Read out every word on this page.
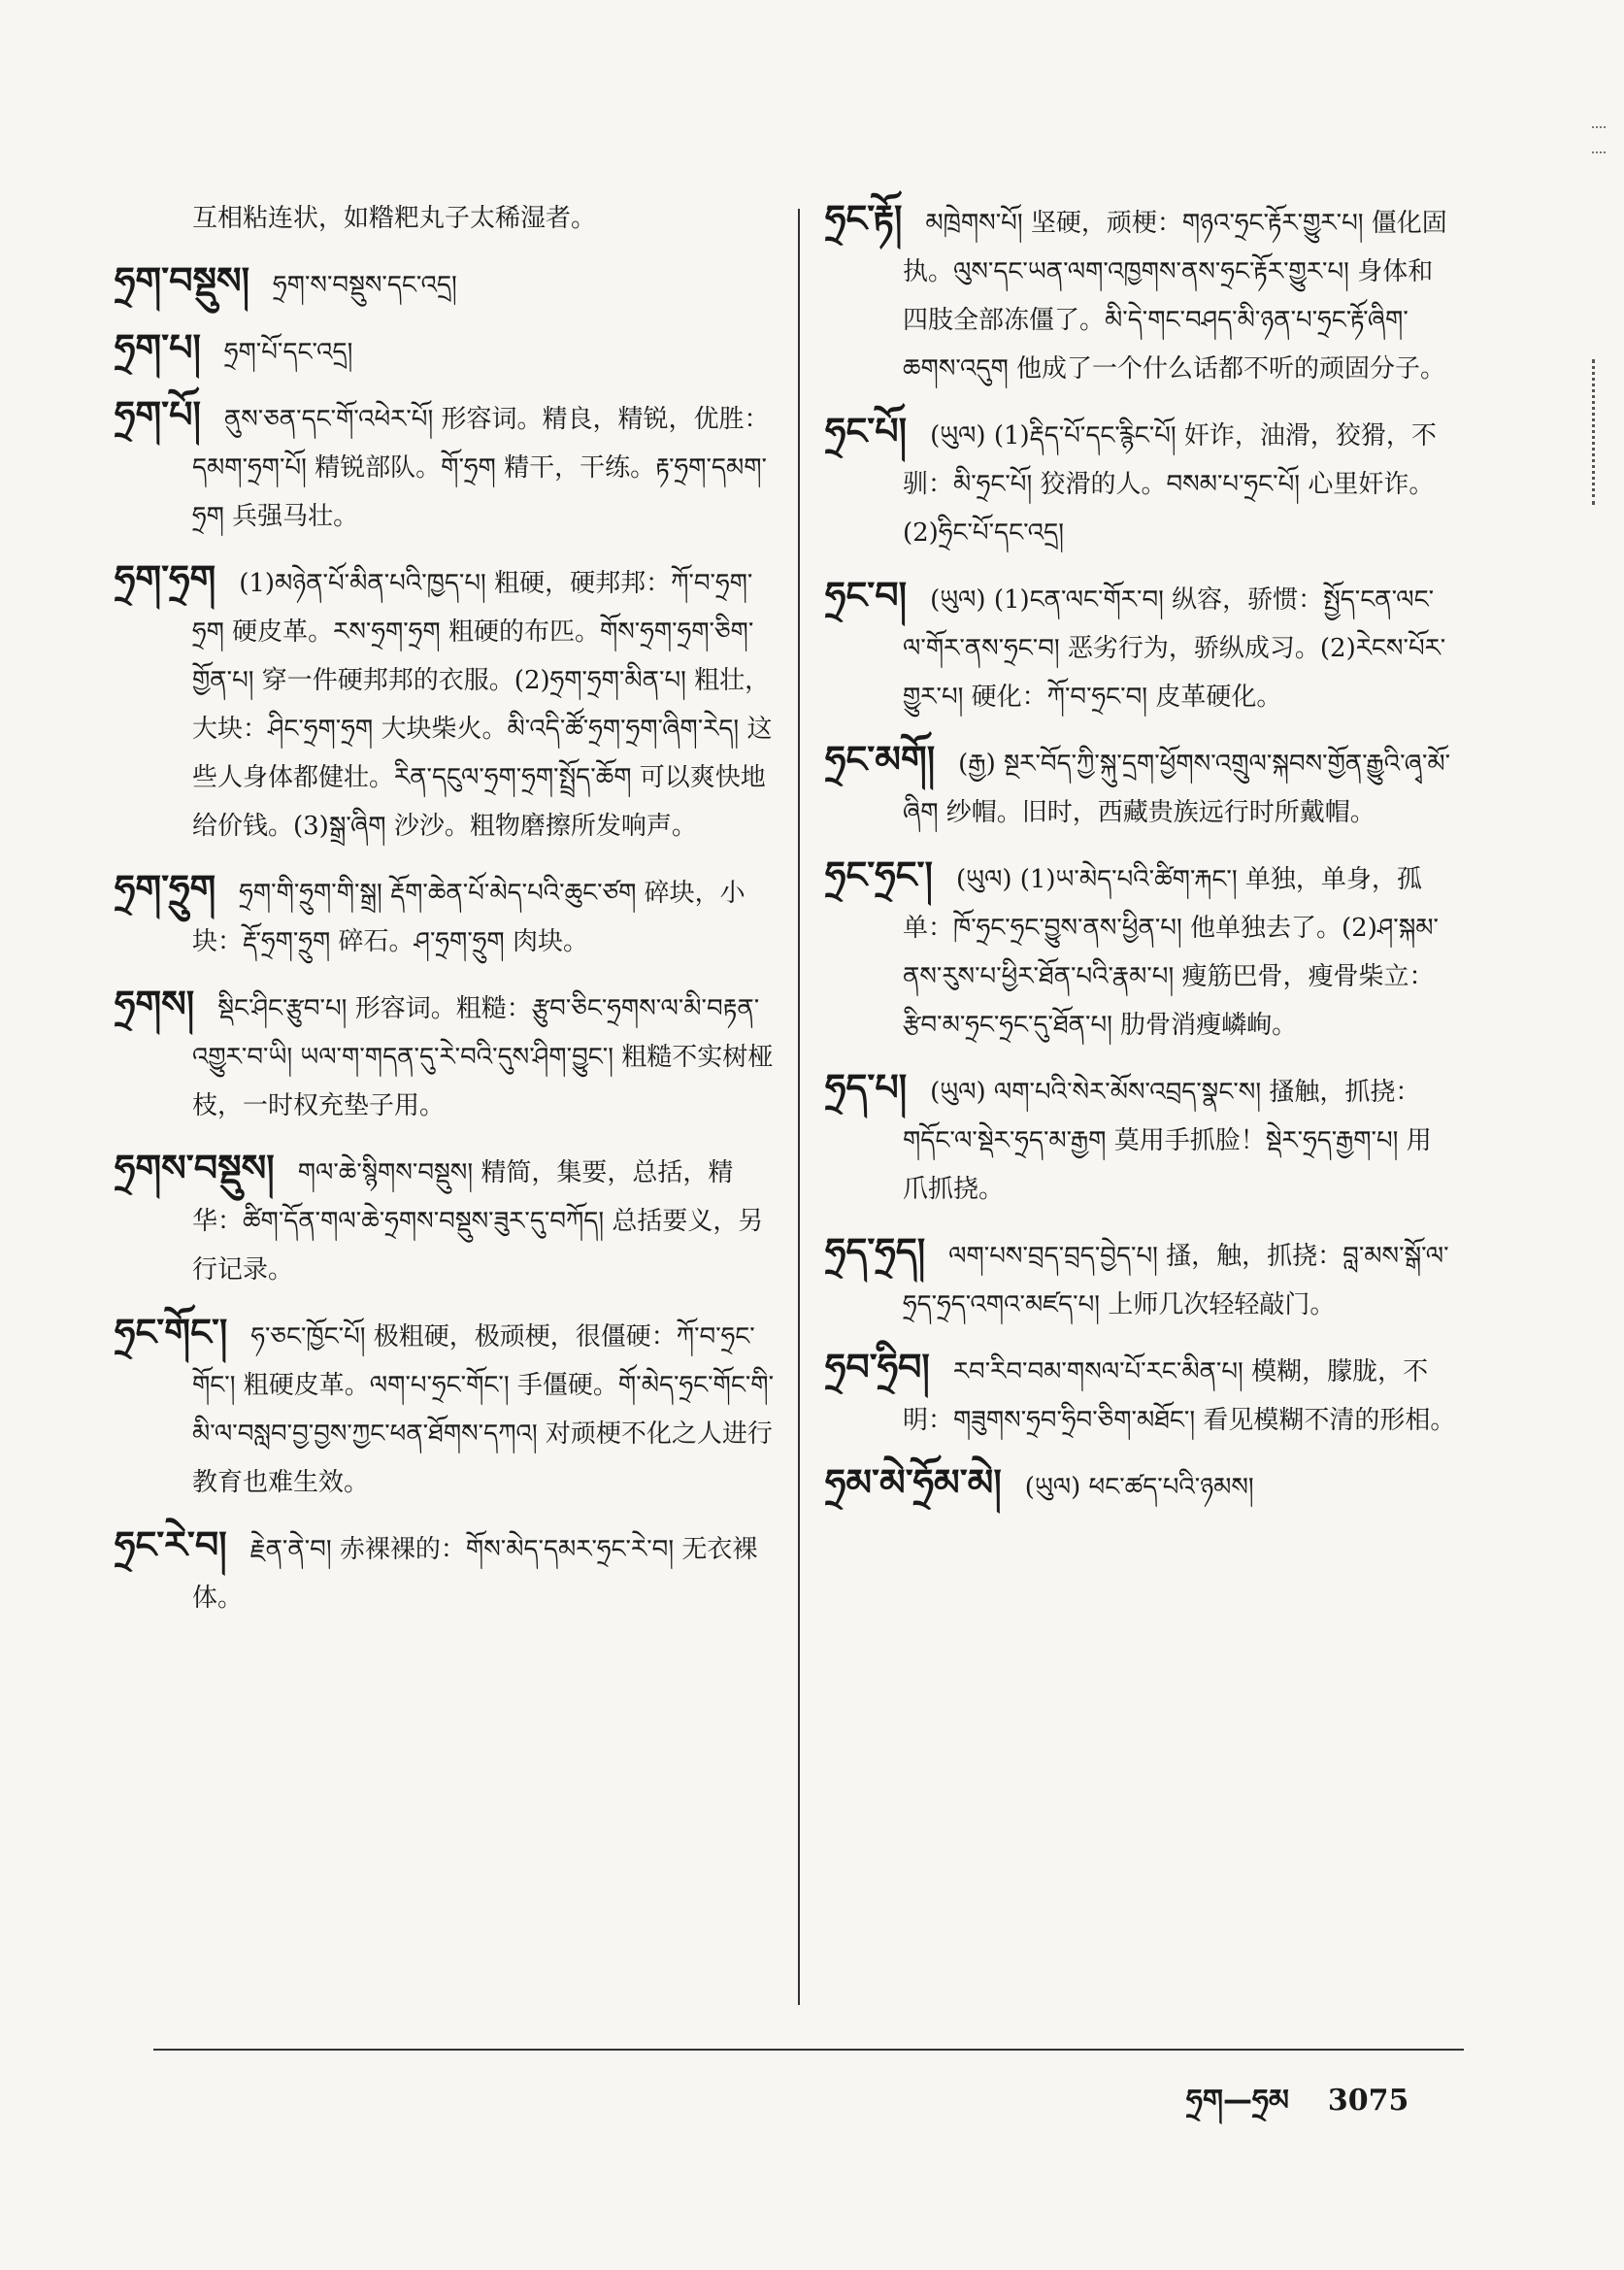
互相粘连状，如糌粑丸子太稀湿者。
ཧྲག་བསྡུས། ཧྲག་ས་བསྡུས་དང་འདྲ།
ཧྲག་པ། ཧྲག་པོ་དང་འདྲ།
ཧྲག་པོ། ནུས་ཅན་དང་གོ་འཕེར་པོ། 形容词。精良，精锐，优胜：དམག་ཧྲག་པོ། 精锐部队。གོ་ཧྲག 精干，干练。རྟ་ཧྲག་དམག་ཧྲག 兵强马壮。
ཧྲག་ཧྲག (1)མཉེན་པོ་མིན་པའི་ཁྱད་པ། 粗硬，硬邦邦：ཀོ་བ་ཧྲག་ཧྲག 硬皮革。རས་ཧྲག་ཧྲག 粗硬的布匹。གོས་ཧྲག་ཧྲག་ཅིག་གྱོན་པ། 穿一件硬邦邦的衣服。(2)ཧྲག་ཧྲག་མིན་པ། 粗壮，大块：ཤིང་ཧྲག་ཧྲག 大块柴火。མི་འདི་ཚོ་ཧྲག་ཧྲག་ཞིག་རེད། 这些人身体都健壮。རིན་དངུལ་ཧྲག་ཧྲག་སྤྲོད་ཆོག 可以爽快地给价钱。(3)སྒྲ་ཞིག 沙沙。粗物磨擦所发响声。
ཧྲག་ཧྲུག ཧྲག་གི་ཧྲུག་གི་སྒྲ། རྡོག་ཆེན་པོ་མེད་པའི་ཆུང་ཙག 碎块，小块：རྡོ་ཧྲག་ཧྲུག 碎石。ཤ་ཧྲག་ཧྲུག 肉块。
ཧྲགས། སྡིང་ཤིང་རྩུབ་པ། 形容词。粗糙：རྩུབ་ཅིང་ཧྲགས་ལ་མི་བརྟན་འགྱུར་བ་ཡི། ཡལ་ག་གདན་དུ་རེ་བའི་དུས་ཤིག་བྱུང་། 粗糙不实树桠枝，一时权充垫子用。
ཧྲགས་བསྡུས། གལ་ཆེ་སྙིགས་བསྡུས། 精简，集要，总括，精华：ཚིག་དོན་གལ་ཆེ་ཧྲགས་བསྡུས་ཟུར་དུ་བཀོད། 总括要义，另行记录。
ཧྲང་གོང་། ཧ་ཅང་ཁྱོང་པོ། 极粗硬，极顽梗，很僵硬：ཀོ་བ་ཧྲང་གོང་། 粗硬皮革。ལག་པ་ཧྲང་གོང་། 手僵硬。གོ་མེད་ཧྲང་གོང་གི་མི་ལ་བསླབ་བྱ་བྱས་ཀྱང་ཕན་ཐོགས་དཀའ། 对顽梗不化之人进行教育也难生效。
ཧྲང་རེ་བ། རྗེན་ནེ་བ། 赤裸裸的：གོས་མེད་དམར་ཧྲང་རེ་བ། 无衣裸体。
ཧྲང་རྟོ། མཁྲེགས་པོ། 坚硬，顽梗：གཉའ་ཧྲང་རྟོར་གྱུར་པ། 僵化固执。ལུས་དང་ཡན་ལག་འཁྱགས་ནས་ཧྲང་རྟོར་གྱུར་པ། 身体和四肢全部冻僵了。མི་དེ་གང་བཤད་མི་ཉན་པ་ཧྲང་རྟོ་ཞིག་ཆགས་འདུག 他成了一个什么话都不听的顽固分子。
ཧྲང་པོ། (ཡུལ) (1)རྡིད་པོ་དང་རྙིང་པོ། 奸诈，油滑，狡猾，不驯：མི་ཧྲང་པོ། 狡滑的人。བསམ་པ་ཧྲང་པོ། 心里奸诈。(2)ཧྲིང་པོ་དང་འདྲ།
ཧྲང་བ། (ཡུལ) (1)ངན་ལང་གོར་བ། 纵容，骄惯：སྤྱོད་ངན་ལང་ལ་གོར་ནས་ཧྲང་བ། 恶劣行为，骄纵成习。(2)རེངས་པོར་གྱུར་པ། 硬化：ཀོ་བ་ཧྲང་བ། 皮革硬化。
ཧྲང་མགོ། (རྒྱ) སྔར་བོད་ཀྱི་སྐུ་དྲག་ཕྱོགས་འགྲུལ་སྐབས་གྱོན་རྒྱུའི་ཞྭ་མོ་ཞིག 纱帽。旧时，西藏贵族远行时所戴帽。
ཧྲང་ཧྲང་། (ཡུལ) (1)ཡ་མེད་པའི་ཚིག་རྐང་། 单独，单身，孤单：ཁོ་ཧྲང་ཧྲང་བྱུས་ནས་ཕྱིན་པ། 他单独去了。(2)ཤ་སྐམ་ནས་རུས་པ་ཕྱིར་ཐོན་པའི་རྣམ་པ། 瘦筋巴骨，瘦骨柴立：རྩིབ་མ་ཧྲང་ཧྲང་དུ་ཐོན་པ། 肋骨消瘦嶙峋。
ཧྲད་པ། (ཡུལ) ལག་པའི་སེར་མོས་འབྲད་སྣང་ས། 搔触，抓挠：གདོང་ལ་སྡེར་ཧྲད་མ་རྒྱག 莫用手抓脸！སྡེར་ཧྲད་རྒྱག་པ། 用爪抓挠。
ཧྲད་ཧྲད། ལག་པས་བྲད་བྲད་བྱེད་པ། 搔，触，抓挠：བླ་མས་སྒོ་ལ་ཧྲད་ཧྲད་འགའ་མཛད་པ། 上师几次轻轻敲门。
ཧྲབ་ཧྲིབ། རབ་རིབ་བམ་གསལ་པོ་རང་མིན་པ། 模糊，朦胧，不明：གཟུགས་ཧྲབ་ཧྲིབ་ཅིག་མཐོང་། 看见模糊不清的形相。
ཧྲམ་མེ་ཧྲོམ་མེ། (ཡུལ) ཕང་ཚད་པའི་ཉམས།
ཧྲག—ཧྲམ 3075
